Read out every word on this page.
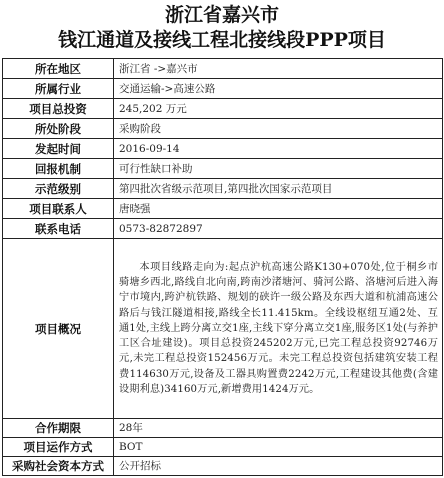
浙江省嘉兴市
钱江通道及接线工程北接线段PPP项目
所在地区	浙江省 ->嘉兴市
所属行业	交通运输->高速公路
项目总投资	245,202 万元
所处阶段	采购阶段
发起时间	2016-09-14
回报机制	可行性缺口补助
示范级别	第四批次省级示范项目,第四批次国家示范项目
项目联系人	唐晓强
联系电话	0573-82872897
项目概况	本项目线路走向为:起点沪杭高速公路K130+070处,位于桐乡市骑塘乡西北,路线自北向南,跨南沙渚塘河、骑河公路、洛塘河后进入海宁市境内,跨沪杭铁路、规划的硖许一级公路及东西大道和杭浦高速公路后与钱江隧道相接,路线全长11.415km。全线设枢纽互通2处、互通1处,主线上跨分离立交1座,主线下穿分离立交1座,服务区1处(与养护工区合址建设)。项目总投资245202万元,已完工程总投资92746万元,未完工程总投资152456万元。未完工程总投资包括建筑安装工程费114630万元,设备及工器具购置费2242万元,工程建设其他费(含建设期利息)34160万元,新增费用1424万元。

合作期限	28年
项目运作方式	BOT
采购社会资本方式	公开招标
